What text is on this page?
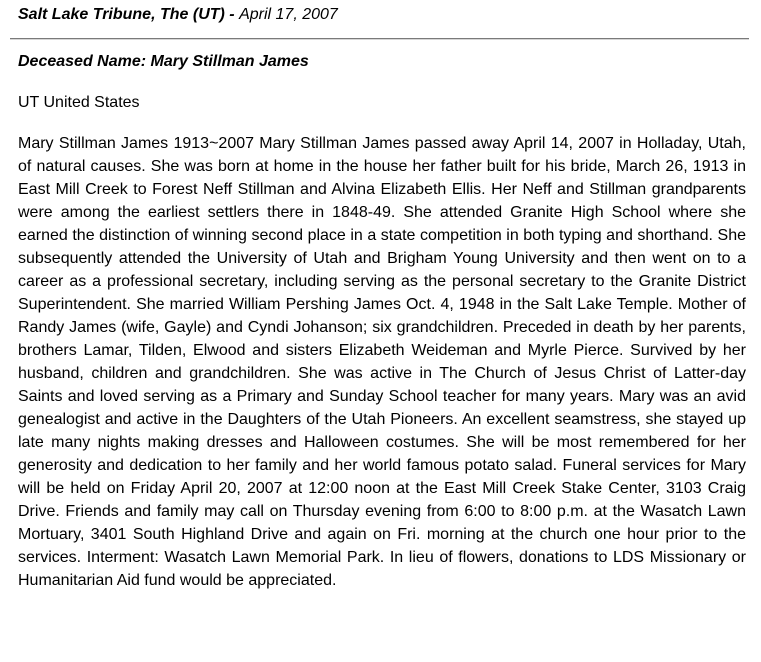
Salt Lake Tribune, The (UT) - April 17, 2007
Deceased Name: Mary Stillman James
UT United States

Mary Stillman James 1913~2007 Mary Stillman James passed away April 14, 2007 in Holladay, Utah, of natural causes. She was born at home in the house her father built for his bride, March 26, 1913 in East Mill Creek to Forest Neff Stillman and Alvina Elizabeth Ellis. Her Neff and Stillman grandparents were among the earliest settlers there in 1848-49. She attended Granite High School where she earned the distinction of winning second place in a state competition in both typing and shorthand. She subsequently attended the University of Utah and Brigham Young University and then went on to a career as a professional secretary, including serving as the personal secretary to the Granite District Superintendent. She married William Pershing James Oct. 4, 1948 in the Salt Lake Temple. Mother of Randy James (wife, Gayle) and Cyndi Johanson; six grandchildren. Preceded in death by her parents, brothers Lamar, Tilden, Elwood and sisters Elizabeth Weideman and Myrle Pierce. Survived by her husband, children and grandchildren. She was active in The Church of Jesus Christ of Latter-day Saints and loved serving as a Primary and Sunday School teacher for many years. Mary was an avid genealogist and active in the Daughters of the Utah Pioneers. An excellent seamstress, she stayed up late many nights making dresses and Halloween costumes. She will be most remembered for her generosity and dedication to her family and her world famous potato salad. Funeral services for Mary will be held on Friday April 20, 2007 at 12:00 noon at the East Mill Creek Stake Center, 3103 Craig Drive. Friends and family may call on Thursday evening from 6:00 to 8:00 p.m. at the Wasatch Lawn Mortuary, 3401 South Highland Drive and again on Fri. morning at the church one hour prior to the services. Interment: Wasatch Lawn Memorial Park. In lieu of flowers, donations to LDS Missionary or Humanitarian Aid fund would be appreciated.
